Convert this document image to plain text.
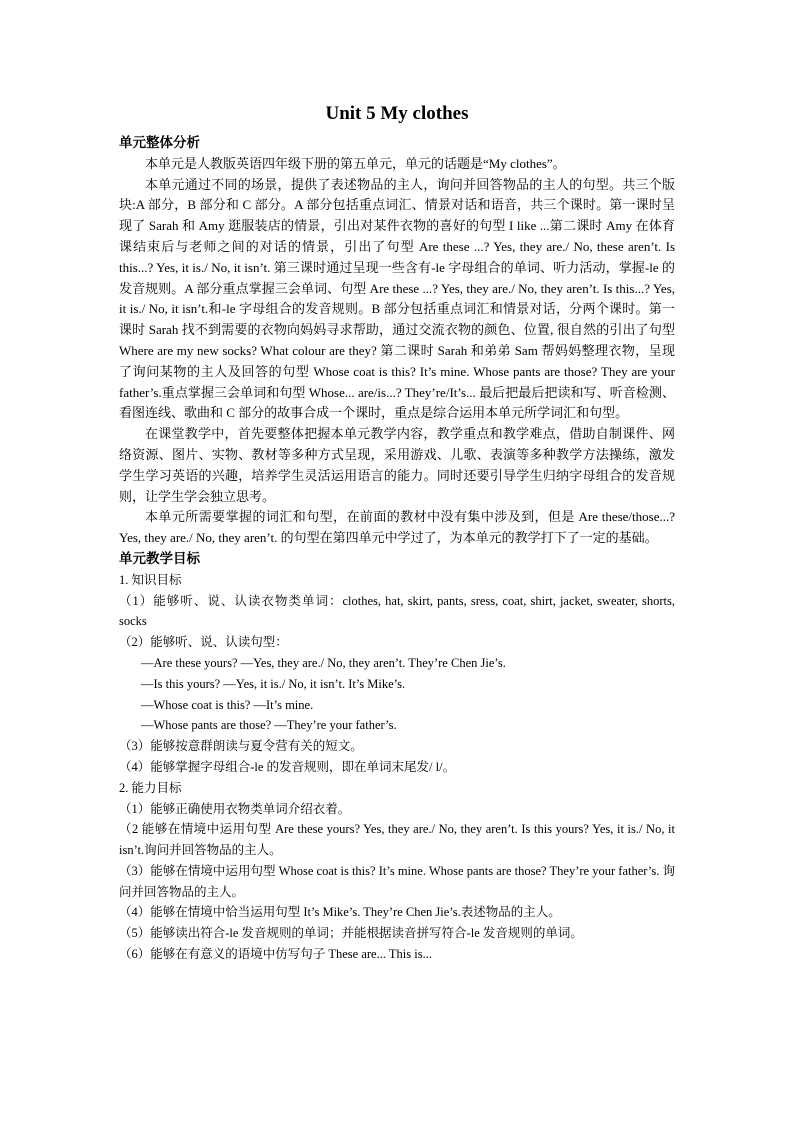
Unit 5 My clothes
单元整体分析

本单元是人教版英语四年级下册的第五单元，单元的话题是“My clothes”。

本单元通过不同的场景，提供了表述物品的主人，询问并回答物品的主人的句型。共三个版块:A 部分，B 部分和 C 部分。A 部分包括重点词汇、情景对话和语音，共三个课时。第一课时呈现了 Sarah 和 Amy 逛服装店的情景，引出对某件衣物的喜好的句型 I like ...第二课时 Amy 在体育课结束后与老师之间的对话的情景，引出了句型 Are these ...? Yes, they are./ No, these aren’t. Is this...? Yes, it is./ No, it isn’t. 第三课时通过呈现一些含有-le 字母组合的单词、听力活动，掌握-le 的发音规则。A 部分重点掌握三会单词、句型 Are these ...? Yes, they are./ No, they aren’t. Is this...? Yes, it is./ No, it isn’t.和-le 字母组合的发音规则。B 部分包括重点词汇和情景对话，分两个课时。第一课时 Sarah 找不到需要的衣物向妈妈寻求帮助，通过交流衣物的颜色、位置, 很自然的引出了句型 Where are my new socks? What colour are they? 第二课时 Sarah 和弟弟 Sam 帮妈妈整理衣物，呈现了询问某物的主人及回答的句型 Whose coat is this? It’s mine. Whose pants are those? They are your father’s.重点掌握三会单词和句型 Whose... are/is...? They’re/It’s... 最后把最后把读和写、听音检测、看图连线、歌曲和 C 部分的故事合成一个课时，重点是综合运用本单元所学词汇和句型。

在课堂教学中，首先要整体把握本单元教学内容，教学重点和教学难点，借助自制课件、网络资源、图片、实物、教材等多种方式呈现，采用游戏、儿歌、表演等多种教学方法操练，激发学生学习英语的兴趣，培养学生灵活运用语言的能力。同时还要引导学生归纳字母组合的发音规则，让学生学会独立思考。

本单元所需要掌握的词汇和句型，在前面的教材中没有集中涉及到，但是 Are these/those...? Yes, they are./ No, they aren’t. 的句型在第四单元中学过了，为本单元的教学打下了一定的基础。

单元教学目标

1. 知识目标

（1）能够听、说、认读衣物类单词：clothes, hat, skirt, pants, sress, coat, shirt, jacket, sweater, shorts, socks

（2）能够听、说、认读句型：

—Are these yours? —Yes, they are./ No, they aren’t. They’re Chen Jie’s.

—Is this yours? —Yes, it is./ No, it isn’t. It’s Mike’s.

—Whose coat is this? —It’s mine.

—Whose pants are those? —They’re your father’s.

（3）能够按意群朗读与夏令营有关的短文。

（4）能够掌握字母组合-le 的发音规则，即在单词末尾发/ l/。

2. 能力目标

（1）能够正确使用衣物类单词介绍衣着。

（2 能够在情境中运用句型 Are these yours? Yes, they are./ No, they aren’t. Is this yours? Yes, it is./ No, it isn’t.询问并回答物品的主人。

（3）能够在情境中运用句型 Whose coat is this? It’s mine. Whose pants are those? They’re your father’s. 询问并回答物品的主人。

（4）能够在情境中恰当运用句型 It’s Mike’s. They’re Chen Jie’s.表述物品的主人。

（5）能够读出符合-le 发音规则的单词；并能根据读音拼写符合-le 发音规则的单词。

（6）能够在有意义的语境中仿写句子 These are... This is...
